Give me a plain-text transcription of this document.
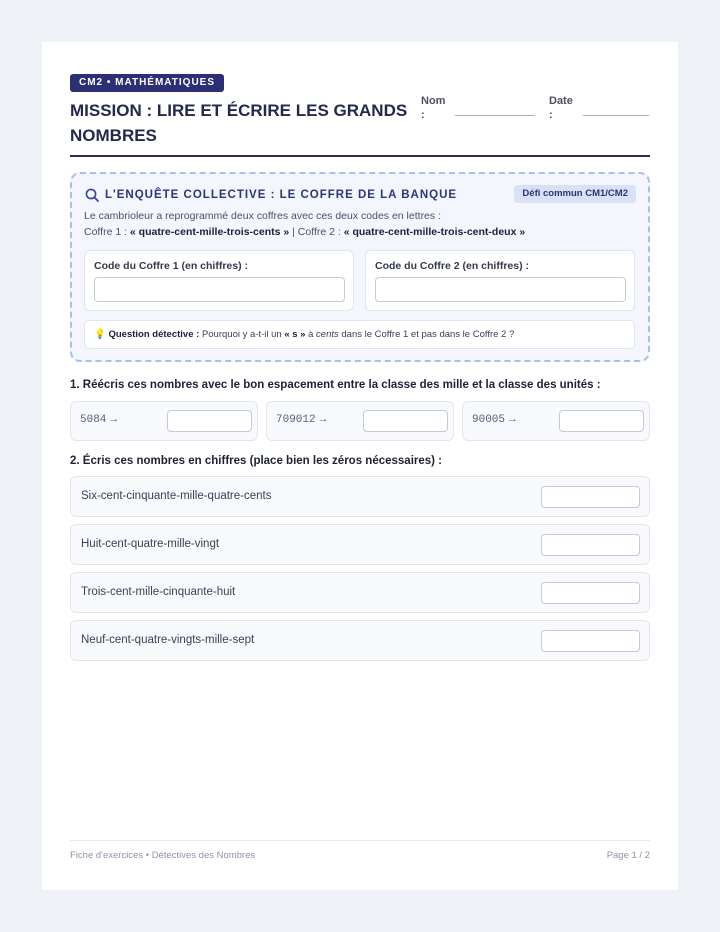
CM2 • MATHÉMATIQUES
MISSION : LIRE ET ÉCRIRE LES GRANDS NOMBRES
Nom :
Date :
L'ENQUÊTE COLLECTIVE : LE COFFRE DE LA BANQUE	Défi commun CM1/CM2
Le cambrioleur a reprogrammé deux coffres avec ces deux codes en lettres :
Coffre 1 : « quatre-cent-mille-trois-cents » | Coffre 2 : « quatre-cent-mille-trois-cent-deux »
Code du Coffre 1 (en chiffres) :	Code du Coffre 2 (en chiffres) :
💡 Question détective : Pourquoi y a-t-il un « s » à cents dans le Coffre 1 et pas dans le Coffre 2 ?
1. Réécris ces nombres avec le bon espacement entre la classe des mille et la classe des unités :
5084 →	709012 →	90005 →
2. Écris ces nombres en chiffres (place bien les zéros nécessaires) :
Six-cent-cinquante-mille-quatre-cents
Huit-cent-quatre-mille-vingt
Trois-cent-mille-cinquante-huit
Neuf-cent-quatre-vingts-mille-sept
Fiche d'exercices • Détectives des Nombres	Page 1 / 2
